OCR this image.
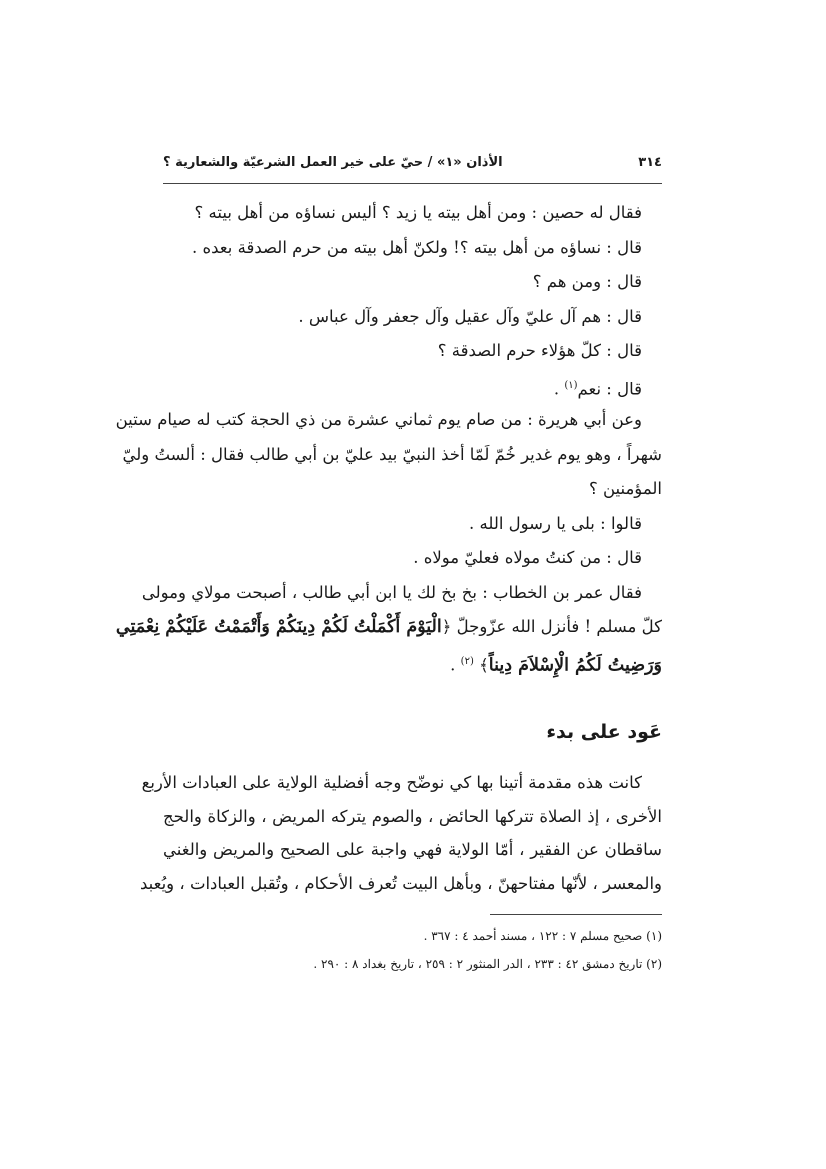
٣١٤
الأذان «١» / حيّ على خير العمل الشرعيّة والشعارية ؟
فقال له حصين : ومن أهل بيته يا زيد ؟ أليس نساؤه من أهل بيته ؟
قال : نساؤه من أهل بيته ؟! ولكنّ أهل بيته من حرم الصدقة بعده .
قال : ومن هم ؟
قال : هم آل عليّ وآل عقيل وآل جعفر وآل عباس .
قال : كلّ هؤلاء حرم الصدقة ؟
قال : نعم$^{(١)}$ .
وعن أبي هريرة : من صام يوم ثماني عشرة من ذي الحجة كتب له صيام ستين
شهراً ، وهو يوم غدير خُمّ لَمّا أخذ النبيّ بيد عليّ بن أبي طالب فقال : ألستُ وليّ
المؤمنين ؟
قالوا : بلى يا رسول الله .
قال : من كنتُ مولاه فعليّ مولاه .
فقال عمر بن الخطاب : بخ بخ لك يا ابن أبي طالب ، أصبحت مولاي ومولى
كلّ مسلم ! فأنزل الله عزّوجلّ ﴿الْيَوْمَ أَكْمَلْتُ لَكُمْ دِينَكُمْ وَأَتْمَمْتُ عَلَيْكُمْ نِعْمَتِي
وَرَضِيتُ لَكُمُ الْإِسْلاَمَ دِيناً﴾ $^{(٢)}$ .
عَود على بدء
كانت هذه مقدمة أتينا بها كي نوضّح وجه أفضلية الولاية على العبادات الأربع
الأخرى ، إذ الصلاة تتركها الحائض ، والصوم يتركه المريض ، والزكاة والحج
ساقطان عن الفقير ، أمّا الولاية فهي واجبة على الصحيح والمريض والغني
والمعسر ، لأنّها مفتاحهنّ ، وبأهل البيت تُعرف الأحكام ، وتُقبل العبادات ، ويُعبد
(١) صحيح مسلم ٧ : ١٢٢ ، مسند أحمد ٤ : ٣٦٧ .
(٢) تاريخ دمشق ٤٢ : ٢٣٣ ، الدر المنثور ٢ : ٢٥٩ ، تاريخ بغداد ٨ : ٢٩٠ .
